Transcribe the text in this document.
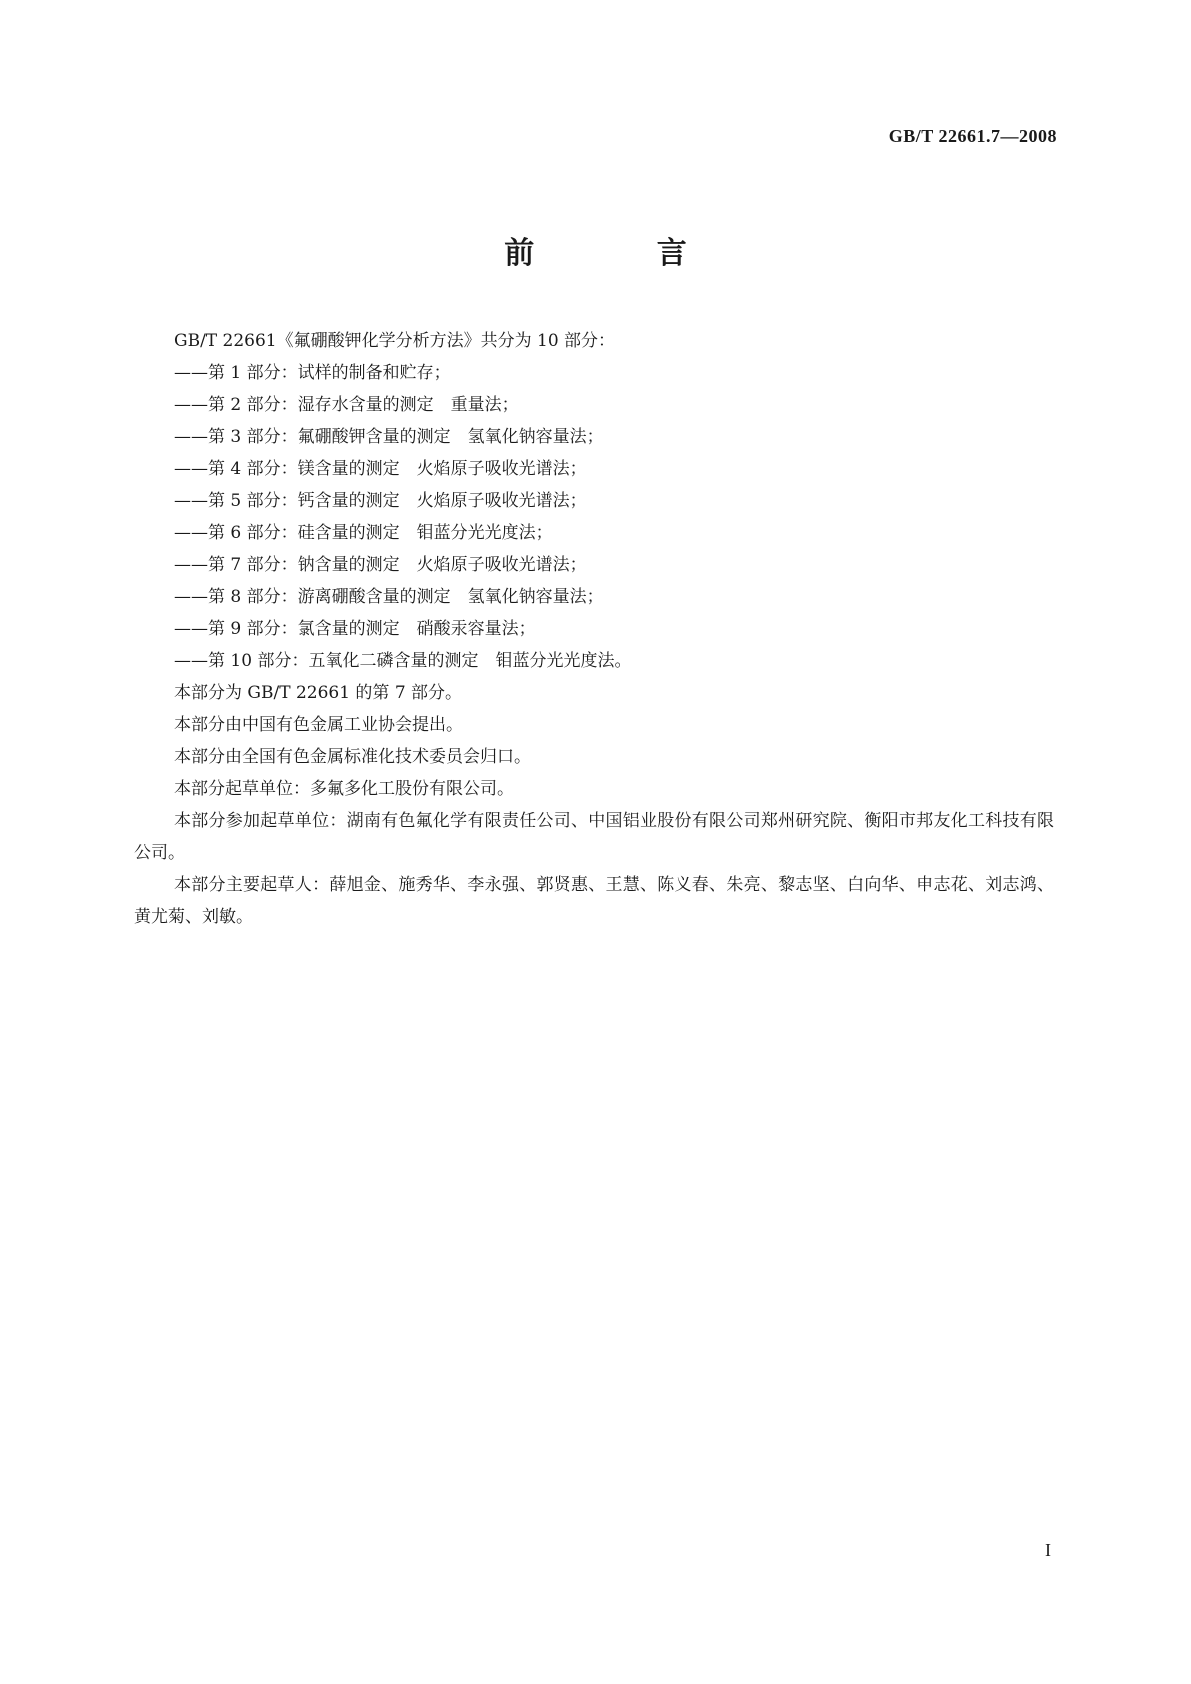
GB/T 22661.7—2008
前 言

GB/T 22661《氟硼酸钾化学分析方法》共分为 10 部分：

——第 1 部分：试样的制备和贮存；

——第 2 部分：湿存水含量的测定　重量法；

——第 3 部分：氟硼酸钾含量的测定　氢氧化钠容量法；

——第 4 部分：镁含量的测定　火焰原子吸收光谱法；

——第 5 部分：钙含量的测定　火焰原子吸收光谱法；

——第 6 部分：硅含量的测定　钼蓝分光光度法；

——第 7 部分：钠含量的测定　火焰原子吸收光谱法；

——第 8 部分：游离硼酸含量的测定　氢氧化钠容量法；

——第 9 部分：氯含量的测定　硝酸汞容量法；

——第 10 部分：五氧化二磷含量的测定　钼蓝分光光度法。

本部分为 GB/T 22661 的第 7 部分。

本部分由中国有色金属工业协会提出。

本部分由全国有色金属标准化技术委员会归口。

本部分起草单位：多氟多化工股份有限公司。

本部分参加起草单位：湖南有色氟化学有限责任公司、中国铝业股份有限公司郑州研究院、衡阳市邦友化工科技有限公司。

本部分主要起草人：薛旭金、施秀华、李永强、郭贤惠、王慧、陈义春、朱亮、黎志坚、白向华、申志花、刘志鸿、黄尤菊、刘敏。

I
